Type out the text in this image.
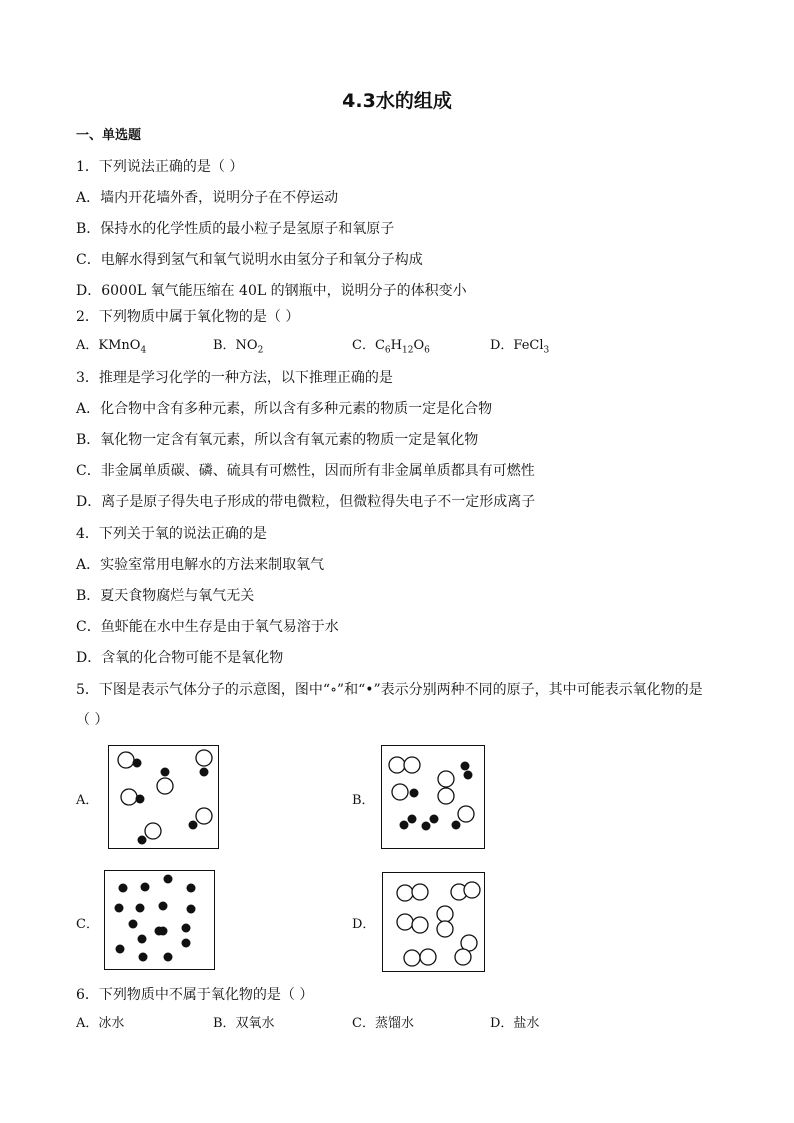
4.3水的组成
一、单选题
1．下列说法正确的是（ ）
A．墙内开花墙外香，说明分子在不停运动
B．保持水的化学性质的最小粒子是氢原子和氧原子
C．电解水得到氢气和氧气说明水由氢分子和氧分子构成
D．6000L 氧气能压缩在 40L 的钢瓶中，说明分子的体积变小
2．下列物质中属于氧化物的是（ ）
A．KMnO$_4$	B．$NO_2$	C．$C_6H_{12}O_6$	D．FeCl$_3$
3．推理是学习化学的一种方法，以下推理正确的是
A．化合物中含有多种元素，所以含有多种元素的物质一定是化合物
B．氧化物一定含有氧元素，所以含有氧元素的物质一定是氧化物
C．非金属单质碳、磷、硫具有可燃性，因而所有非金属单质都具有可燃性
D．离子是原子得失电子形成的带电微粒，但微粒得失电子不一定形成离子
4．下列关于氧的说法正确的是
A．实验室常用电解水的方法来制取氧气
B．夏天食物腐烂与氧气无关
C．鱼虾能在水中生存是由于氧气易溶于水
D．含氧的化合物可能不是氧化物
5．下图是表示气体分子的示意图，图中“∘”和“•”表示分别两种不同的原子，其中可能表示氧化物的是
（ ）
A．	B．
C．	D．
6．下列物质中不属于氧化物的是（ ）
A．冰水	B．双氧水	C．蒸馏水	D．盐水
